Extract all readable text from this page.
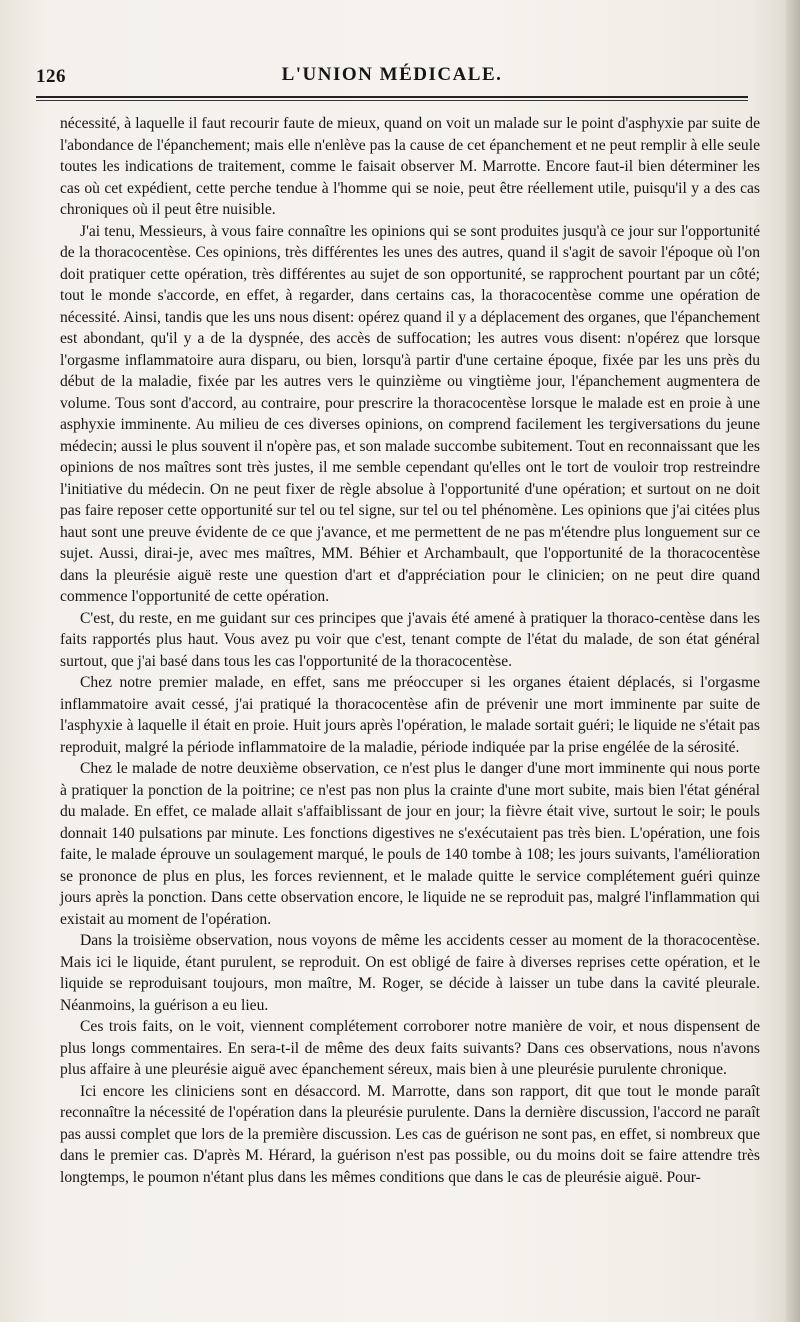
126	L'UNION MÉDICALE.

nécessité, à laquelle il faut recourir faute de mieux, quand on voit un malade sur le point d'asphyxie par suite de l'abondance de l'épanchement; mais elle n'enlève pas la cause de cet épanchement et ne peut remplir à elle seule toutes les indications de traitement, comme le faisait observer M. Marrotte. Encore faut-il bien déterminer les cas où cet expédient, cette perche tendue à l'homme qui se noie, peut être réellement utile, puisqu'il y a des cas chroniques où il peut être nuisible.

J'ai tenu, Messieurs, à vous faire connaître les opinions qui se sont produites jusqu'à ce jour sur l'opportunité de la thoracocentèse. Ces opinions, très différentes les unes des autres, quand il s'agit de savoir l'époque où l'on doit pratiquer cette opération, très différentes au sujet de son opportunité, se rapprochent pourtant par un côté; tout le monde s'accorde, en effet, à regarder, dans certains cas, la thoracocentèse comme une opération de nécessité. Ainsi, tandis que les uns nous disent: opérez quand il y a déplacement des organes, que l'épanchement est abondant, qu'il y a de la dyspnée, des accès de suffocation; les autres vous disent: n'opérez que lorsque l'orgasme inflammatoire aura disparu, ou bien, lorsqu'à partir d'une certaine époque, fixée par les uns près du début de la maladie, fixée par les autres vers le quinzième ou vingtième jour, l'épanchement augmentera de volume. Tous sont d'accord, au contraire, pour prescrire la thoracocentèse lorsque le malade est en proie à une asphyxie imminente. Au milieu de ces diverses opinions, on comprend facilement les tergiversations du jeune médecin; aussi le plus souvent il n'opère pas, et son malade succombe subitement. Tout en reconnaissant que les opinions de nos maîtres sont très justes, il me semble cependant qu'elles ont le tort de vouloir trop restreindre l'initiative du médecin. On ne peut fixer de règle absolue à l'opportunité d'une opération; et surtout on ne doit pas faire reposer cette opportunité sur tel ou tel signe, sur tel ou tel phénomène. Les opinions que j'ai citées plus haut sont une preuve évidente de ce que j'avance, et me permettent de ne pas m'étendre plus longuement sur ce sujet. Aussi, dirai-je, avec mes maîtres, MM. Béhier et Archambault, que l'opportunité de la thoracocentèse dans la pleurésie aiguë reste une question d'art et d'appréciation pour le clinicien; on ne peut dire quand commence l'opportunité de cette opération.

C'est, du reste, en me guidant sur ces principes que j'avais été amené à pratiquer la thoraco-centèse dans les faits rapportés plus haut. Vous avez pu voir que c'est, tenant compte de l'état du malade, de son état général surtout, que j'ai basé dans tous les cas l'opportunité de la thoracocentèse.

Chez notre premier malade, en effet, sans me préoccuper si les organes étaient déplacés, si l'orgasme inflammatoire avait cessé, j'ai pratiqué la thoracocentèse afin de prévenir une mort imminente par suite de l'asphyxie à laquelle il était en proie. Huit jours après l'opération, le malade sortait guéri; le liquide ne s'était pas reproduit, malgré la période inflammatoire de la maladie, période indiquée par la prise engélée de la sérosité.

Chez le malade de notre deuxième observation, ce n'est plus le danger d'une mort imminente qui nous porte à pratiquer la ponction de la poitrine; ce n'est pas non plus la crainte d'une mort subite, mais bien l'état général du malade. En effet, ce malade allait s'affaiblissant de jour en jour; la fièvre était vive, surtout le soir; le pouls donnait 140 pulsations par minute. Les fonctions digestives ne s'exécutaient pas très bien. L'opération, une fois faite, le malade éprouve un soulagement marqué, le pouls de 140 tombe à 108; les jours suivants, l'amélioration se prononce de plus en plus, les forces reviennent, et le malade quitte le service complétement guéri quinze jours après la ponction. Dans cette observation encore, le liquide ne se reproduit pas, malgré l'inflammation qui existait au moment de l'opération.

Dans la troisième observation, nous voyons de même les accidents cesser au moment de la thoracocentèse. Mais ici le liquide, étant purulent, se reproduit. On est obligé de faire à diverses reprises cette opération, et le liquide se reproduisant toujours, mon maître, M. Roger, se décide à laisser un tube dans la cavité pleurale. Néanmoins, la guérison a eu lieu.

Ces trois faits, on le voit, viennent complétement corroborer notre manière de voir, et nous dispensent de plus longs commentaires. En sera-t-il de même des deux faits suivants? Dans ces observations, nous n'avons plus affaire à une pleurésie aiguë avec épanchement séreux, mais bien à une pleurésie purulente chronique.

Ici encore les cliniciens sont en désaccord. M. Marrotte, dans son rapport, dit que tout le monde paraît reconnaître la nécessité de l'opération dans la pleurésie purulente. Dans la dernière discussion, l'accord ne paraît pas aussi complet que lors de la première discussion. Les cas de guérison ne sont pas, en effet, si nombreux que dans le premier cas. D'après M. Hérard, la guérison n'est pas possible, ou du moins doit se faire attendre très longtemps, le poumon n'étant plus dans les mêmes conditions que dans le cas de pleurésie aiguë. Pour-
